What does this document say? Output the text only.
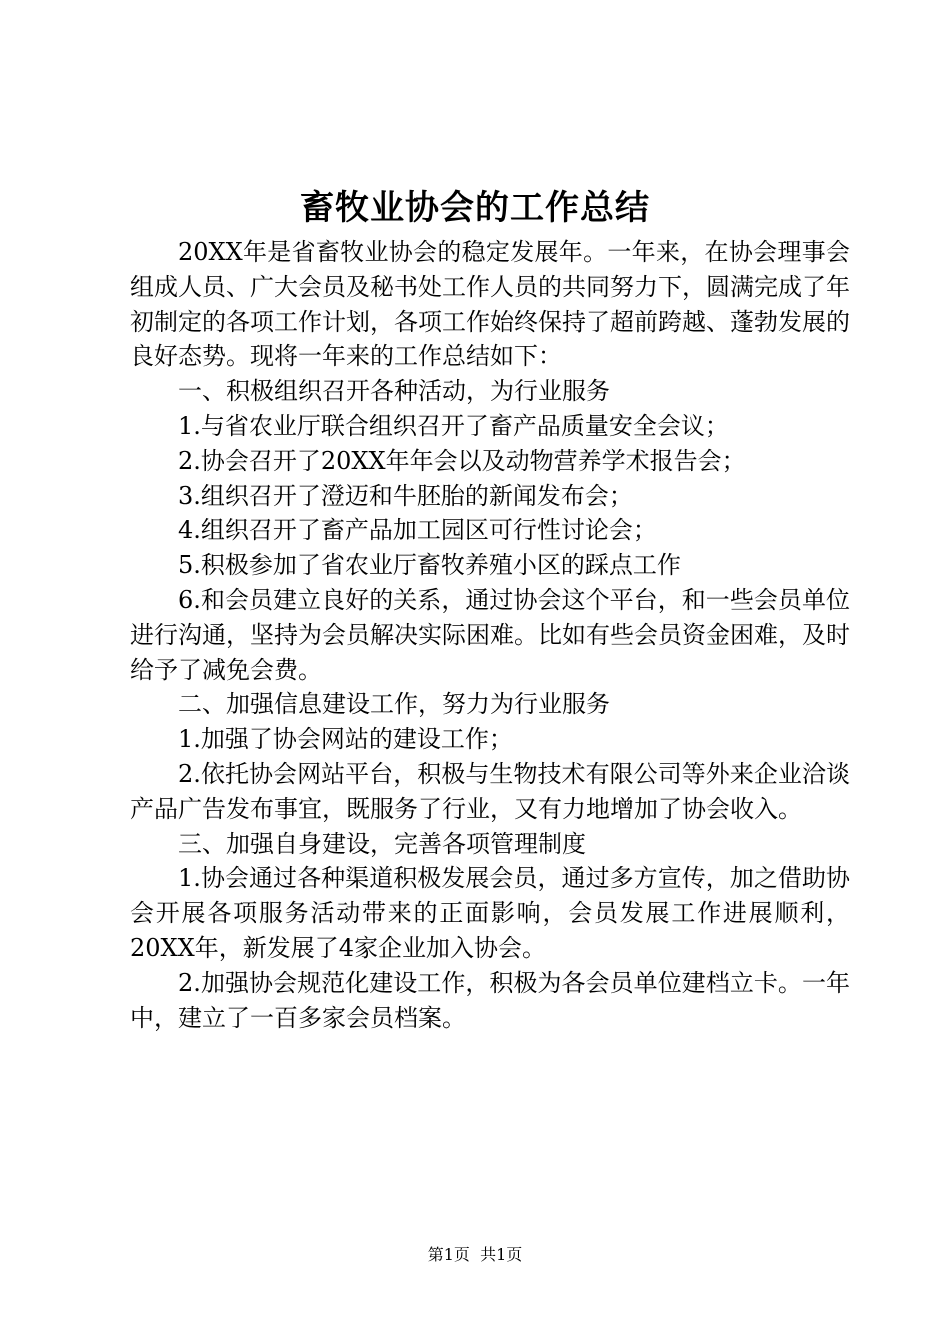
畜牧业协会的工作总结

20XX年是省畜牧业协会的稳定发展年。一年来，在协会理事会组成人员、广大会员及秘书处工作人员的共同努力下，圆满完成了年初制定的各项工作计划，各项工作始终保持了超前跨越、蓬勃发展的良好态势。现将一年来的工作总结如下：

一、积极组织召开各种活动，为行业服务

1.与省农业厅联合组织召开了畜产品质量安全会议；

2.协会召开了20XX年年会以及动物营养学术报告会；

3.组织召开了澄迈和牛胚胎的新闻发布会；

4.组织召开了畜产品加工园区可行性讨论会；

5.积极参加了省农业厅畜牧养殖小区的踩点工作

6.和会员建立良好的关系，通过协会这个平台，和一些会员单位进行沟通，坚持为会员解决实际困难。比如有些会员资金困难，及时给予了减免会费。

二、加强信息建设工作，努力为行业服务

1.加强了协会网站的建设工作；

2.依托协会网站平台，积极与生物技术有限公司等外来企业洽谈产品广告发布事宜，既服务了行业，又有力地增加了协会收入。

三、加强自身建设，完善各项管理制度

1.协会通过各种渠道积极发展会员，通过多方宣传，加之借助协会开展各项服务活动带来的正面影响，会员发展工作进展顺利，20XX年，新发展了4家企业加入协会。

2.加强协会规范化建设工作，积极为各会员单位建档立卡。一年中，建立了一百多家会员档案。

第1页 共1页
